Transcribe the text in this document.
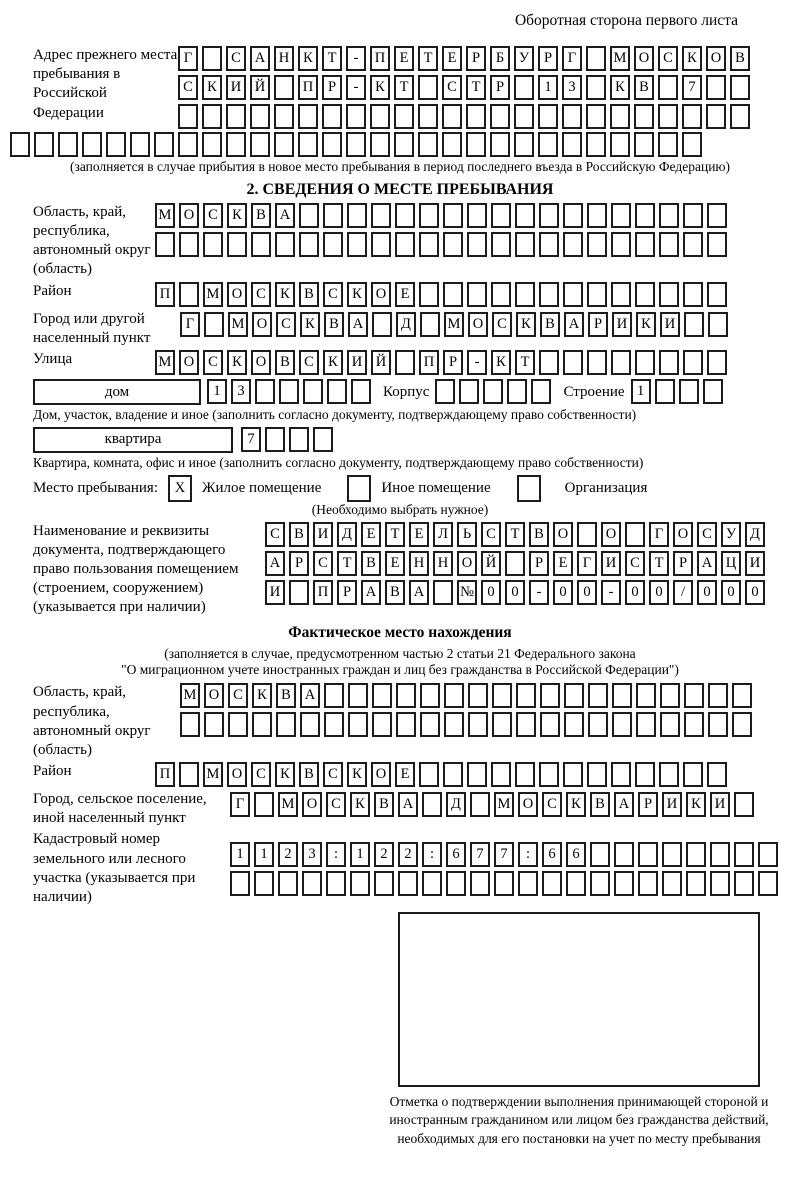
Оборотная сторона первого листа
Адрес прежнего места пребывания в Российской Федерации
Г	С А Н К	Т	-	П Е	Т	Е	Р	Б	У	Р	Г	М О С К О В
С К И Й	П	Р	-	К	Т	С	Т	Р	1	3	К В	7
(заполняется в случае прибытия в новое место пребывания в период последнего въезда в Российскую Федерацию)
2. СВЕДЕНИЯ О МЕСТЕ ПРЕБЫВАНИЯ
Область, край, республика, автономный округ (область)
М О С К В А
Район	П	М О С К В С К О Е
Город или другой населенный пункт
Г	М О С К В А	Д	М О С К В А	Р	И К И
Улица	М О С К О В С К И Й	П	Р	-	К	Т
дом	1	3	Корпус	Строение 1
Дом, участок, владение и иное (заполнить согласно документу, подтверждающему право собственности)
квартира	7
Квартира, комната, офис и иное (заполнить согласно документу, подтверждающему право собственности)
Место пребывания:	X	Жилое помещение	Иное помещение	Организация
(Необходимо выбрать нужное)
Наименование и реквизиты документа, подтверждающего право пользования помещением (строением, сооружением) (указывается при наличии)
С В И Д	Е	Т	Е	Л	Ь	С	Т	В О	О	Г	О С У Д
А	Р	С	Т	В	Е Н Н О Й	Р	Е	Г	И С	Т	Р	А Ц И
И	П	Р	А В А	№ 0	0	-	0	0	-	0	0	/	0	0	0
Фактическое место нахождения
(заполняется в случае, предусмотренном частью 2 статьи 21 Федерального закона
"О миграционном учете иностранных граждан и лиц без гражданства в Российской Федерации")
Область, край, республика, автономный округ (область)
М О С К В А
Район	П	М О С К В С К О Е
Город, сельское поселение, иной населенный пункт
Г	М О С К В А	Д	М О С К В А	Р	И К И
Кадастровый номер земельного или лесного участка (указывается при наличии)
1	1	2	3	:	1	2	2	:	6	7	7	:	6	6
Отметка о подтверждении выполнения принимающей стороной и иностранным гражданином или лицом без гражданства действий, необходимых для его постановки на учет по месту пребывания
